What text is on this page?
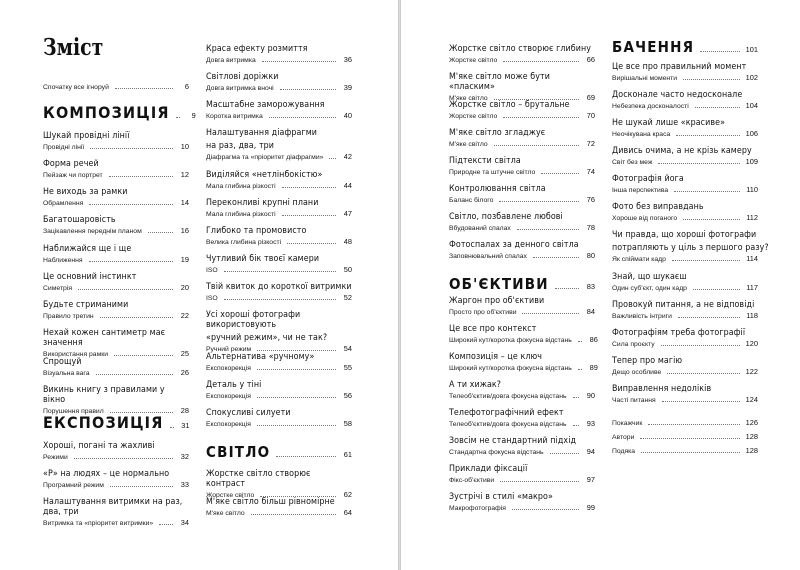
Зміст
Спочатку все ігноруй	6
КОМПОЗИЦІЯ	9
Шукай провідні лінії
Провідні лінії	10
Форма речей
Пейзаж чи портрет	12
Не виходь за рамки
Обрамлення	14
Багатошаровість
Зацікавлення переднім планом	16
Наближайся ще і ще
Наближення	19
Це основний інстинкт
Симетрія	20
Будьте стриманими
Правило третин	22
Нехай кожен сантиметр має значення
Використання рамки	25
Спрощуй
Візуальна вага	26
Викинь книгу з правилами у вікно
Порушення правил	28
ЕКСПОЗИЦІЯ 31
Хороші, погані та жахливі
Режими	32
«P» на людях – це нормально
Програмний режим	33
Налаштування витримки на раз, два, три
Витримка та «пріоритет витримки»	34
Краса ефекту розмиття
Довга витримка	36
Світлові доріжки
Довга витримка вночі	39
Масштабне заморожування
Коротка витримка	40
Налаштування діафрагми
на раз, два, три
Діафрагма та «пріоритет діафрагми»	42
Виділяйся «нетлінбокістю»
Мала глибина різкості	44
Переконливі крупні плани
Мала глибина різкості	47
Глибоко та промовисто
Велика глибина різкості	48
Чутливий бік твоєї камери
ISO	50
Твій квиток до короткої витримки
ISO	52
Усі хороші фотографи використовують
«ручний режим», чи не так?
Ручний режим	54
Альтернатива «ручному»
Експокорекція	55
Деталь у тіні
Експокорекція	56
Спокусливі силуети
Експокорекція	58
СВІТЛО	61
Жорстке світло створює контраст
Жорстке світло	62
М'яке світло більш рівномірне
М'яке світло	64
Жорстке світло створює глибину
Жорстке світло	66
М'яке світло може бути «пласким»
М'яке світло	69
Жорстке світло – брутальне
Жорстке світло	70
М'яке світло згладжує
М'яке світло	72
Підтексти світла
Природне та штучне світло	74
Контролювання світла
Баланс білого	76
Світло, позбавлене любові
Вбудований спалах	78
Фотоспалах за денного світла
Заповнювальний спалах	80
ОБ'ЄКТИВИ	83
Жаргон про об'єктиви
Просто про об'єктиви	84
Це все про контекст
Широкий кут/коротка фокусна відстань 86
Композиція – це ключ
Широкий кут/коротка фокусна відстань 89
А ти хижак?
Телеоб'єктив/довга фокусна відстань	90
Телефотографічний ефект
Телеоб'єктив/довга фокусна відстань	93
Зовсім не стандартний підхід
Стандартна фокусна відстань	94
Приклади фіксації
Фікс-об'єктиви	97
Зустрічі в стилі «макро»
Макрофотографія	99
БАЧЕННЯ	101
Це все про правильний момент
Вирішальні моменти	102
Досконале часто недосконале
Небезпека досконалості	104
Не шукай лише «красиве»
Неочікувана краса	106
Дивись очима, а не крізь камеру
Світ без меж	109
Фотографія йога
Інша перспектива	110
Фото без виправдань
Хороше від поганого	112
Чи правда, що хороші фотографи
потрапляють у ціль з першого разу?
Як спіймати кадр	114
Знай, що шукаєш
Один суб'єкт, один кадр	117
Провокуй питання, а не відповіді
Важливість інтриги	118
Фотографіям треба фотографії
Сила проєкту	120
Тепер про магію
Дещо особливе	122
Виправлення недоліків
Часті питання	124
Покажчик	126
Автори	128
Подяка	128
